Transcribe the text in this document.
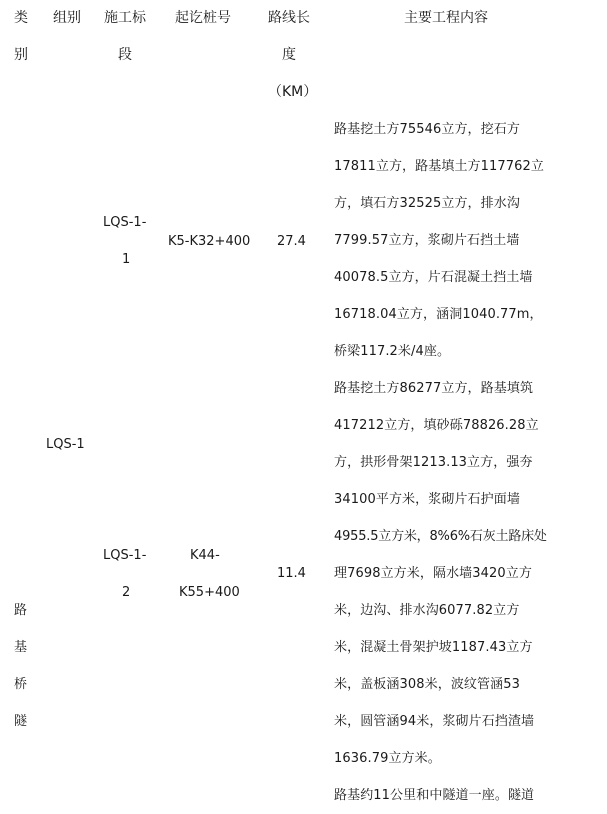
类
别
组别 施工标
段
起讫桩号	路线长
度
（KM）
主要工程内容
路
基
桥
隧
LQS-1
LQS-1-
1
K5-K32+400 27.4
LQS-1-
2
K44-
K55+400
11.4
路基挖土方75546立方，挖石方
17811立方，路基填土方117762立
方，填石方32525立方，排水沟
7799.57立方，浆砌片石挡土墙
40078.5立方，片石混凝土挡土墙
16718.04立方，涵洞1040.77m，
桥梁117.2米/4座。
路基挖土方86277立方，路基填筑
417212立方，填砂砾78826.28立
方，拱形骨架1213.13立方，强夯
34100平方米，浆砌片石护面墙
4955.5立方米，8%6%石灰土路床处
理7698立方米，隔水墙3420立方
米，边沟、排水沟6077.82立方
米，混凝土骨架护坡1187.43立方
米，盖板涵308米，波纹管涵53
米，圆管涵94米，浆砌片石挡渣墙
1636.79立方米。
路基约11公里和中隧道一座。隧道
